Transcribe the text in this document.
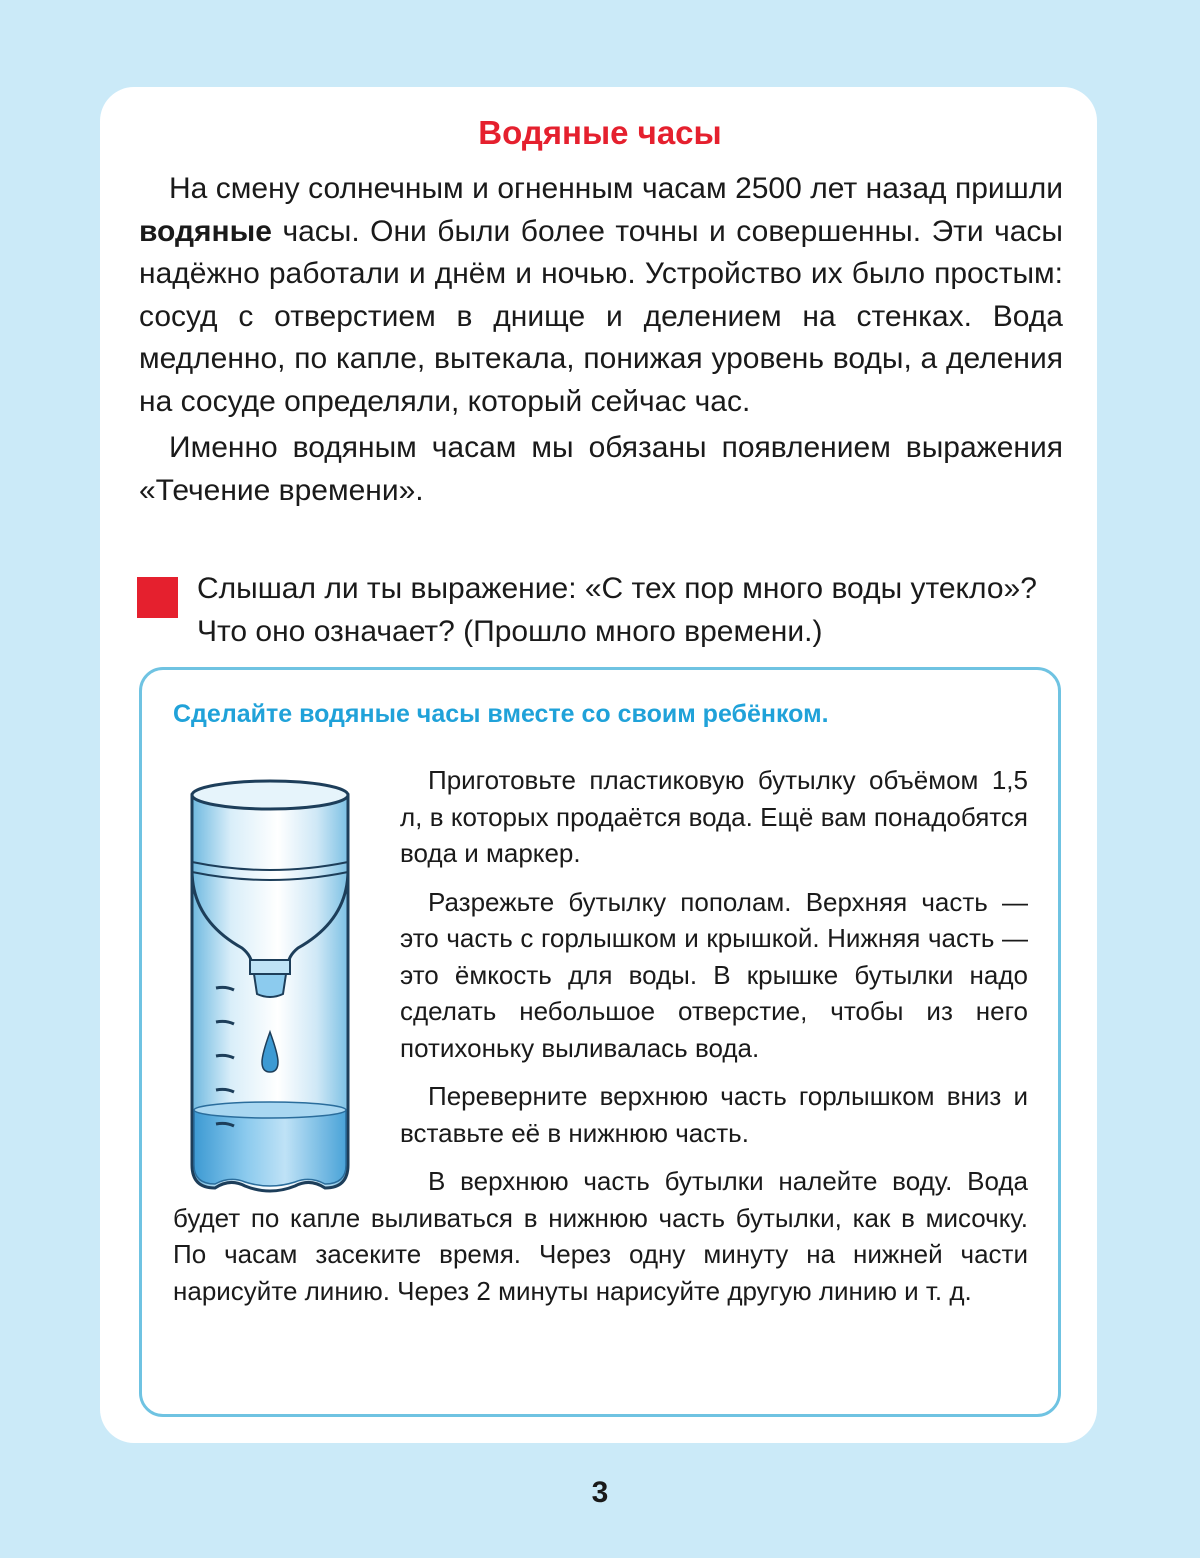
Водяные часы

На смену солнечным и огненным часам 2500 лет назад пришли водяные часы. Они были более точны и совершенны. Эти часы надёжно работали и днём и ночью. Устройство их было простым: сосуд с отверстием в днище и делением на стенках. Вода медленно, по капле, вытекала, понижая уровень воды, а деления на сосуде определяли, который сейчас час.

Именно водяным часам мы обязаны появлением выражения «Течение времени».

Слышал ли ты выражение: «С тех пор много воды утекло»?
Что оно означает? (Прошло много времени.)

Сделайте водяные часы вместе со своим ребёнком.

Приготовьте пластиковую бутылку объёмом 1,5 л, в которых продаётся вода. Ещё вам понадобятся вода и маркер.

Разрежьте бутылку пополам. Верхняя часть — это часть с горлышком и крышкой. Нижняя часть — это ёмкость для воды. В крышке бутылки надо сделать небольшое отверстие, чтобы из него потихоньку выливалась вода.

Переверните верхнюю часть горлышком вниз и вставьте её в нижнюю часть.

В верхнюю часть бутылки налейте воду. Вода будет по капле выливаться в нижнюю часть бутылки, как в мисочку. По часам засеките время. Через одну минуту на нижней части нарисуйте линию. Через 2 минуты нарисуйте другую линию и т. д.

3
